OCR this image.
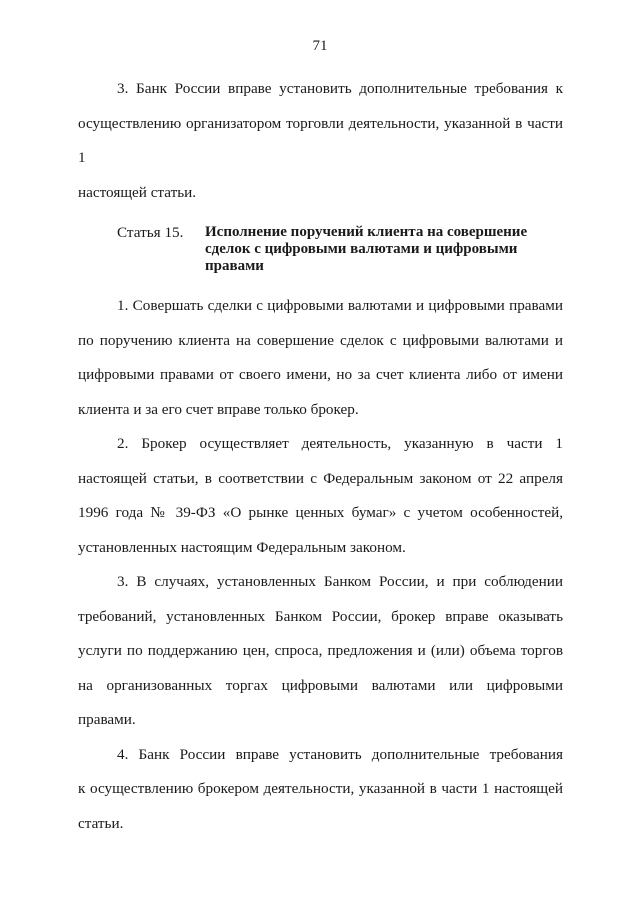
71

3. Банк России вправе установить дополнительные требования к
осуществлению организатором торговли деятельности, указанной в части 1
настоящей статьи.

Статья 15.	Исполнение поручений клиента на совершение
сделок с цифровыми валютами и цифровыми
правами

1. Совершать сделки с цифровыми валютами и цифровыми правами
по поручению клиента на совершение сделок с цифровыми валютами и
цифровыми правами от своего имени, но за счет клиента либо от имени
клиента и за его счет вправе только брокер.

2. Брокер осуществляет деятельность, указанную в части 1
настоящей статьи, в соответствии с Федеральным законом от 22 апреля
1996 года № 39-ФЗ «О рынке ценных бумаг» с учетом особенностей,
установленных настоящим Федеральным законом.

3. В случаях, установленных Банком России, и при соблюдении
требований, установленных Банком России, брокер вправе оказывать
услуги по поддержанию цен, спроса, предложения и (или) объема торгов
на организованных торгах цифровыми валютами или цифровыми правами.

4. Банк России вправе установить дополнительные требования
к осуществлению брокером деятельности, указанной в части 1 настоящей
статьи.
